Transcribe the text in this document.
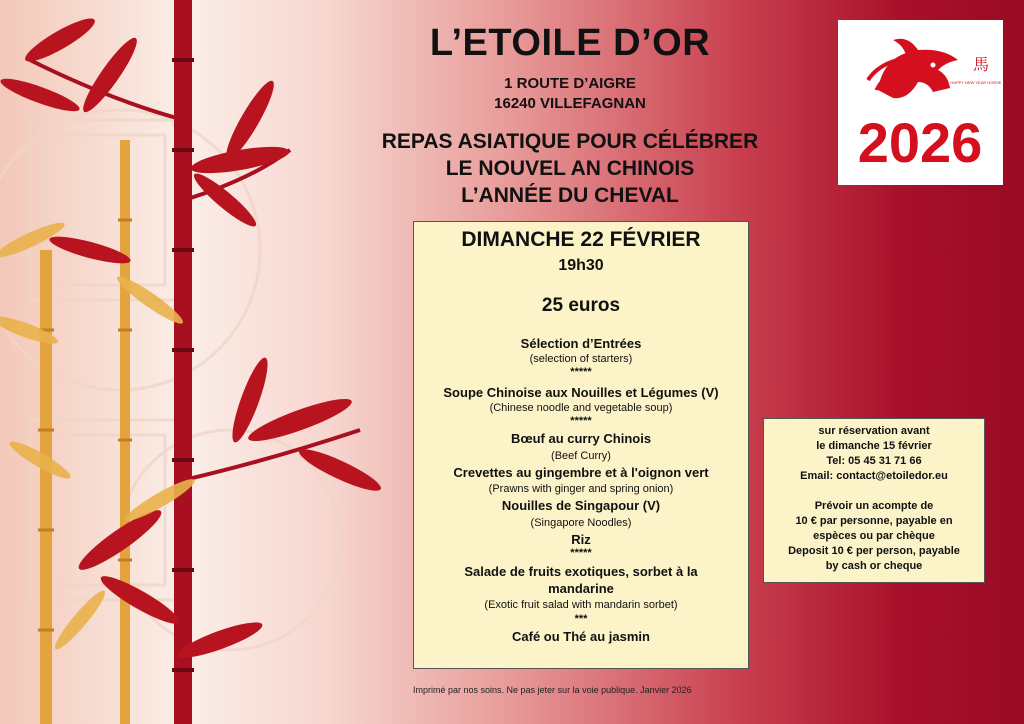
L’ETOILE D’OR
1 ROUTE D’AIGRE
16240 VILLEFAGNAN
REPAS ASIATIQUE POUR CÉLÉBRER
LE NOUVEL AN CHINOIS
L’ANNÉE DU CHEVAL
2026
馬
HAPPY NEW YEAR HORSE
DIMANCHE 22 FÉVRIER
19h30
25 euros
Sélection d’Entrées
(selection of starters)
*****
Soupe Chinoise aux Nouilles et Légumes (V)
(Chinese noodle and vegetable soup)
*****
Bœuf au curry Chinois
(Beef Curry)
Crevettes au gingembre et à l'oignon vert
(Prawns with ginger and spring onion)
Nouilles de Singapour (V)
(Singapore Noodles)
Riz
*****
Salade de fruits exotiques, sorbet à la
mandarine
(Exotic fruit salad with mandarin sorbet)
***
Café ou Thé au jasmin
sur réservation avant
le dimanche 15 février
Tel: 05 45 31 71 66
Email: contact@etoiledor.eu
Prévoir un acompte de
10 € par personne, payable en
espèces ou par chèque
Deposit 10 € per person, payable
by cash or cheque
Imprimé par nos soins. Ne pas jeter sur la voie publique. Janvier 2026
